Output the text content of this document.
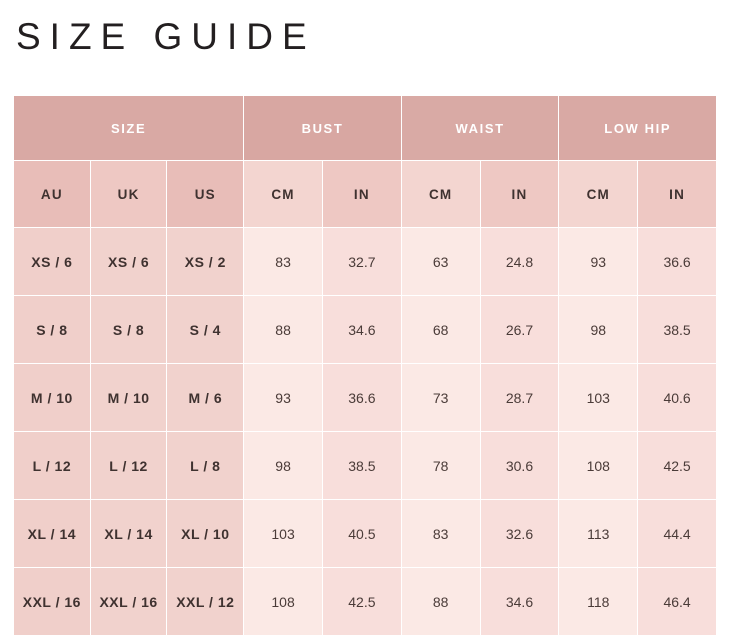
SIZE GUIDE
SIZE			BUST		WAIST		LOW HIP	
AU	UK	US	CM	IN	CM	IN	CM	IN
XS / 6	XS / 6	XS / 2	83	32.7	63	24.8	93	36.6
S / 8	S / 8	S / 4	88	34.6	68	26.7	98	38.5
M / 10	M / 10	M / 6	93	36.6	73	28.7	103	40.6
L / 12	L / 12	L / 8	98	38.5	78	30.6	108	42.5
XL / 14	XL / 14	XL / 10	103	40.5	83	32.6	113	44.4
XXL / 16	XXL / 16	XXL / 12	108	42.5	88	34.6	118	46.4
